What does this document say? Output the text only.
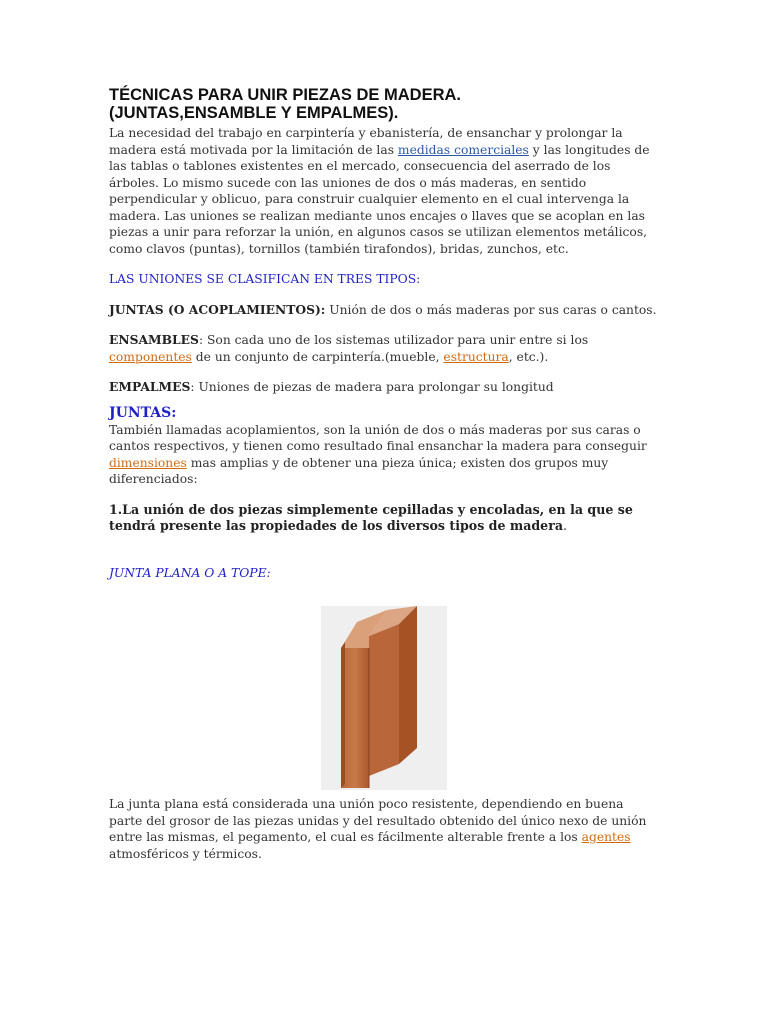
TÉCNICAS PARA UNIR PIEZAS DE MADERA.
(JUNTAS,ENSAMBLE Y EMPALMES).

La necesidad del trabajo en carpintería y ebanistería, de ensanchar y prolongar la madera está motivada por la limitación de las medidas comerciales y las longitudes de las tablas o tablones existentes en el mercado, consecuencia del aserrado de los árboles. Lo mismo sucede con las uniones de dos o más maderas, en sentido perpendicular y oblicuo, para construir cualquier elemento en el cual intervenga la madera. Las uniones se realizan mediante unos encajes o llaves que se acoplan en las piezas a unir para reforzar la unión, en algunos casos se utilizan elementos metálicos, como clavos (puntas), tornillos (también tirafondos), bridas, zunchos, etc.

LAS UNIONES SE CLASIFICAN EN TRES TIPOS:

JUNTAS (O ACOPLAMIENTOS): Unión de dos o más maderas por sus caras o cantos.

ENSAMBLES: Son cada uno de los sistemas utilizador para unir entre si los componentes de un conjunto de carpintería.(mueble, estructura, etc.).

EMPALMES: Uniones de piezas de madera para prolongar su longitud

JUNTAS:

También llamadas acoplamientos, son la unión de dos o más maderas por sus caras o cantos respectivos, y tienen como resultado final ensanchar la madera para conseguir dimensiones mas amplias y de obtener una pieza única; existen dos grupos muy diferenciados:

1.La unión de dos piezas simplemente cepilladas y encoladas, en la que se tendrá presente las propiedades de los diversos tipos de madera.

JUNTA PLANA O A TOPE:

La junta plana está considerada una unión poco resistente, dependiendo en buena parte del grosor de las piezas unidas y del resultado obtenido del único nexo de unión entre las mismas, el pegamento, el cual es fácilmente alterable frente a los agentes atmosféricos y térmicos.
